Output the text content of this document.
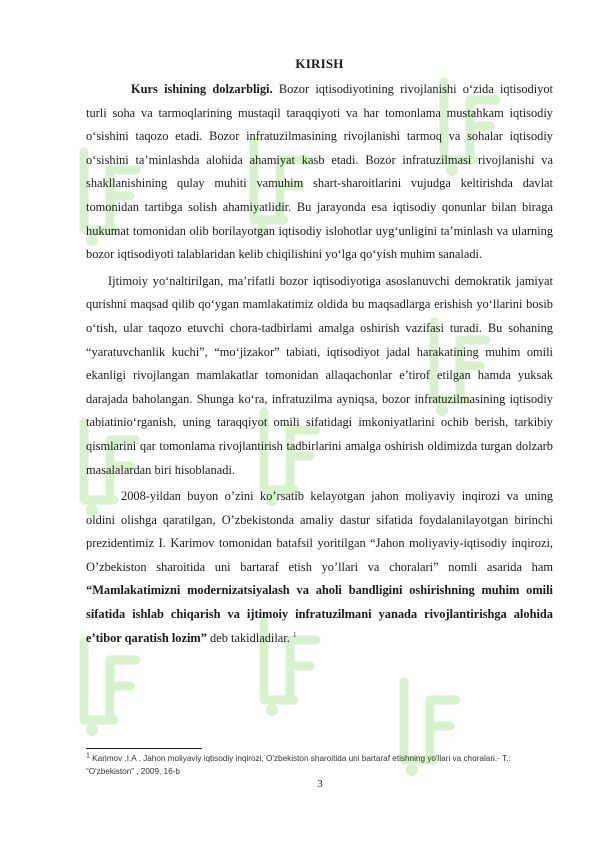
KIRISH

Kurs ishining dolzarbligi. Bozor iqtisodiyotining rivojlanishi o‘zida iqtisodiyot turli soha va tarmoqlarining mustaqil taraqqiyoti va har tomonlama mustahkam iqtisodiy o‘sishini taqozo etadi. Bozor infratuzilmasining rivojlanishi tarmoq va sohalar iqtisodiy o‘sishini ta’minlashda alohida ahamiyat kasb etadi. Bozor infratuzilmasi rivojlanishi va shakllanishining qulay muhiti vamuhim shart-sharoitlarini vujudga keltirishda davlat tomonidan tartibga solish ahamiyatlidir. Bu jarayonda esa iqtisodiy qonunlar bilan biraga hukumat tomonidan olib borilayotgan iqtisodiy islohotlar uyg‘unligini ta’minlash va ularning bozor iqtisodiyoti talablaridan kelib chiqilishini yo‘lga qo‘yish muhim sanaladi.

Ijtimoiy yo‘naltirilgan, ma’rifatli bozor iqtisodiyotiga asoslanuvchi demokratik jamiyat qurishni maqsad qilib qo‘ygan mamlakatimiz oldida bu maqsadlarga erishish yo‘llarini bosib o‘tish, ular taqozo etuvchi chora-tadbirlami amalga oshirish vazifasi turadi. Bu sohaning “yaratuvchanlik kuchi”, “mo‘jizakor” tabiati, iqtisodiyot jadal harakatining muhim omili ekanligi rivojlangan mamlakatlar tomonidan allaqachonlar e’tirof etilgan hamda yuksak darajada baholangan. Shunga ko‘ra, infratuzilma ayniqsa, bozor infratuzilmasining iqtisodiy tabiatinio‘rganish, uning taraqqiyot omili sifatidagi imkoniyatlarini ochib berish, tarkibiy qismlarini qar tomonlama rivojlantirish tadbirlarini amalga oshirish oldimizda turgan dolzarb masalalardan biri hisoblanadi.

2008-yildan buyon o’zini ko’rsatib kelayotgan jahon moliyaviy inqirozi va uning oldini olishga qaratilgan, O’zbekistonda amaliy dastur sifatida foydalanilayotgan birinchi prezidentimiz I. Karimov tomonidan batafsil yoritilgan “Jahon moliyaviy-iqtisodiy inqirozi, O’zbekiston sharoitida uni bartaraf etish yo’llari va choralari” nomli asarida ham “Mamlakatimizni modernizatsiyalash va aholi bandligini oshirishning muhim omili sifatida ishlab chiqarish va ijtimoiy infratuzilmani yanada rivojlantirishga alohida e’tibor qaratish lozim” deb takidladilar. $^1$

$^1$ Karimov .I.A . Jahon moliyaviy iqtisodiy inqirozi, O'zbekiston sharoitida uni bartaraf etishning yo'llari va choralari.- T.: “O'zbekiston” , 2009, 16-b
3
